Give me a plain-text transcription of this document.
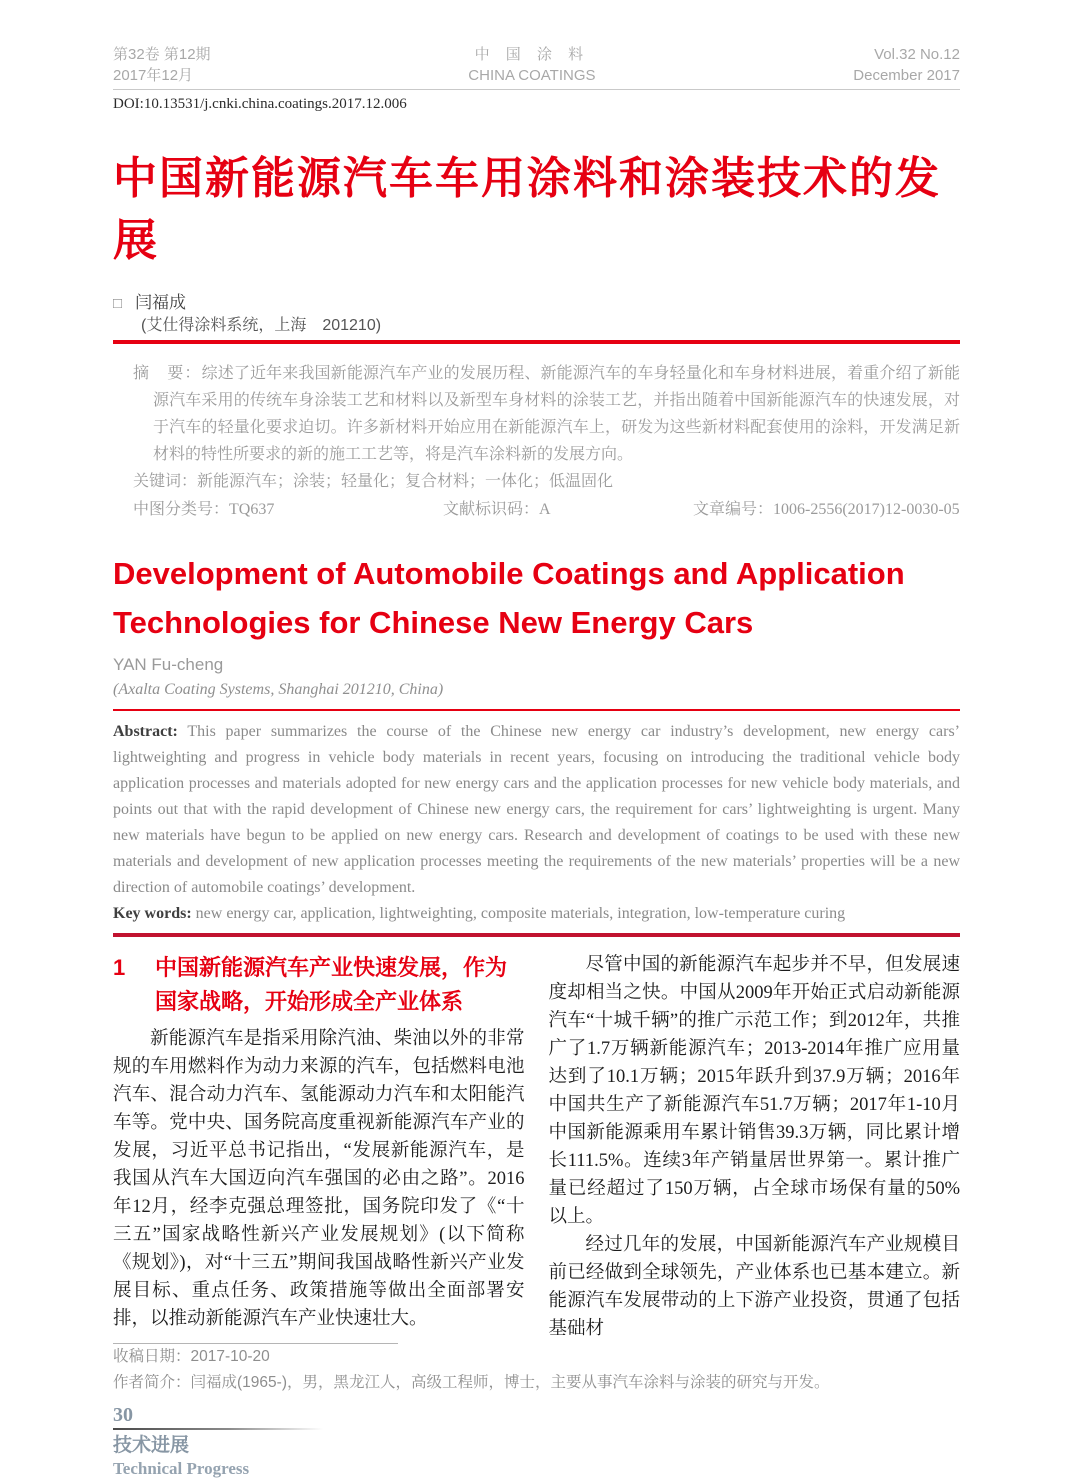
第32卷 第12期
2017年12月
中 国 涂 料
CHINA COATINGS
Vol.32 No.12
December 2017
DOI:10.13531/j.cnki.china.coatings.2017.12.006
中国新能源汽车车用涂料和涂装技术的发展
□ 闫福成
(艾仕得涂料系统，上海　201210)
摘　要：综述了近年来我国新能源汽车产业的发展历程、新能源汽车的车身轻量化和车身材料进展，着重介绍了新能源汽车采用的传统车身涂装工艺和材料以及新型车身材料的涂装工艺，并指出随着中国新能源汽车的快速发展，对于汽车的轻量化要求迫切。许多新材料开始应用在新能源汽车上，研发为这些新材料配套使用的涂料，开发满足新材料的特性所要求的新的施工工艺等，将是汽车涂料新的发展方向。
关键词：新能源汽车；涂装；轻量化；复合材料；一体化；低温固化
中图分类号：TQ637	文献标识码：A	文章编号：1006-2556(2017)12-0030-05
Development of Automobile Coatings and Application Technologies for Chinese New Energy Cars
YAN Fu-cheng
(Axalta Coating Systems, Shanghai 201210, China)

Abstract: This paper summarizes the course of the Chinese new energy car industry’s development, new energy cars’ lightweighting and progress in vehicle body materials in recent years, focusing on introducing the traditional vehicle body application processes and materials adopted for new energy cars and the application processes for new vehicle body materials, and points out that with the rapid development of Chinese new energy cars, the requirement for cars’ lightweighting is urgent. Many new materials have begun to be applied on new energy cars. Research and development of coatings to be used with these new materials and development of new application processes meeting the requirements of the new materials’ properties will be a new direction of automobile coatings’ development.

Key words: new energy car, application, lightweighting, composite materials, integration, low-temperature curing

1	中国新能源汽车产业快速发展，作为国家战略，开始形成全产业体系

新能源汽车是指采用除汽油、柴油以外的非常规的车用燃料作为动力来源的汽车，包括燃料电池汽车、混合动力汽车、氢能源动力汽车和太阳能汽车等。党中央、国务院高度重视新能源汽车产业的发展，习近平总书记指出，“发展新能源汽车，是我国从汽车大国迈向汽车强国的必由之路”。2016年12月，经李克强总理签批，国务院印发了《“十三五”国家战略性新兴产业发展规划》(以下简称《规划》)，对“十三五”期间我国战略性新兴产业发展目标、重点任务、政策措施等做出全面部署安排，以推动新能源汽车产业快速壮大。

尽管中国的新能源汽车起步并不早，但发展速度却相当之快。中国从2009年开始正式启动新能源汽车“十城千辆”的推广示范工作；到2012年，共推广了1.7万辆新能源汽车；2013-2014年推广应用量达到了10.1万辆；2015年跃升到37.9万辆；2016年中国共生产了新能源汽车51.7万辆；2017年1-10月中国新能源乘用车累计销售39.3万辆，同比累计增长111.5%。连续3年产销量居世界第一。累计推广量已经超过了150万辆，占全球市场保有量的50%以上。

经过几年的发展，中国新能源汽车产业规模目前已经做到全球领先，产业体系也已基本建立。新能源汽车发展带动的上下游产业投资，贯通了包括基础材

收稿日期：2017-10-20
作者简介：闫福成(1965-)，男，黑龙江人，高级工程师，博士，主要从事汽车涂料与涂装的研究与开发。
30
技术进展
Technical Progress
